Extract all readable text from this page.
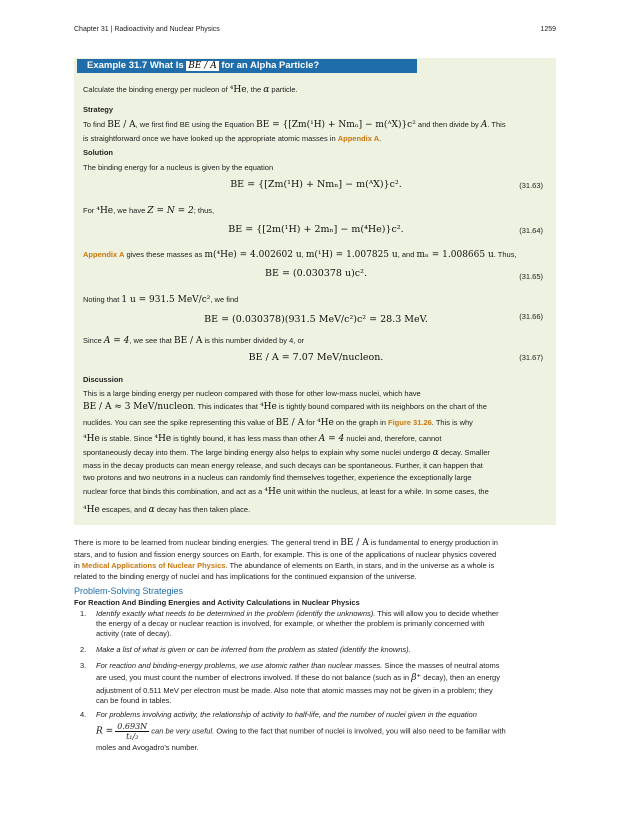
Chapter 31 | Radioactivity and Nuclear Physics	1259
Example 31.7 What Is BE / A for an Alpha Particle?
Calculate the binding energy per nucleon of ⁴He, the α particle.
Strategy
To find BE / A, we first find BE using the Equation BE = {[Zm(¹H) + Nmₙ] − m(ᴬX)}c² and then divide by A. This
is straightforward once we have looked up the appropriate atomic masses in Appendix A.
Solution
The binding energy for a nucleus is given by the equation
BE = {[Zm(¹H) + Nmₙ] − m(ᴬX)}c².	(31.63)
For ⁴He, we have Z = N = 2; thus,
BE = {[2m(¹H) + 2mₙ] − m(⁴He)}c².	(31.64)
Appendix A gives these masses as m(⁴He) = 4.002602 u, m(¹H) = 1.007825 u, and mₙ = 1.008665 u. Thus,
BE = (0.030378 u)c².	(31.65)
Noting that 1 u = 931.5 MeV/c², we find
BE = (0.030378)(931.5 MeV/c²)c² = 28.3 MeV.	(31.66)
Since A = 4, we see that BE / A is this number divided by 4, or
BE / A = 7.07 MeV/nucleon.	(31.67)
Discussion
This is a large binding energy per nucleon compared with those for other low-mass nuclei, which have
BE / A ≈ 3 MeV/nucleon. This indicates that ⁴He is tightly bound compared with its neighbors on the chart of the
nuclides. You can see the spike representing this value of BE / A for ⁴He on the graph in Figure 31.26. This is why
⁴He is stable. Since ⁴He is tightly bound, it has less mass than other A = 4 nuclei and, therefore, cannot
spontaneously decay into them. The large binding energy also helps to explain why some nuclei undergo α decay. Smaller
mass in the decay products can mean energy release, and such decays can be spontaneous. Further, it can happen that
two protons and two neutrons in a nucleus can randomly find themselves together, experience the exceptionally large
nuclear force that binds this combination, and act as a ⁴He unit within the nucleus, at least for a while. In some cases, the
⁴He escapes, and α decay has then taken place.
There is more to be learned from nuclear binding energies. The general trend in BE / A is fundamental to energy production in
stars, and to fusion and fission energy sources on Earth, for example. This is one of the applications of nuclear physics covered
in Medical Applications of Nuclear Physics. The abundance of elements on Earth, in stars, and in the universe as a whole is
related to the binding energy of nuclei and has implications for the continued expansion of the universe.
Problem-Solving Strategies
For Reaction And Binding Energies and Activity Calculations in Nuclear Physics
1. Identify exactly what needs to be determined in the problem (identify the unknowns). This will allow you to decide whether
the energy of a decay or nuclear reaction is involved, for example, or whether the problem is primarily concerned with
activity (rate of decay).
2. Make a list of what is given or can be inferred from the problem as stated (identify the knowns).
3. For reaction and binding-energy problems, we use atomic rather than nuclear masses. Since the masses of neutral atoms
are used, you must count the number of electrons involved. If these do not balance (such as in β⁺ decay), then an energy
adjustment of 0.511 MeV per electron must be made. Also note that atomic masses may not be given in a problem; they
can be found in tables.
4. For problems involving activity, the relationship of activity to half-life, and the number of nuclei given in the equation
$R = \frac{0.693N}{\text{t₁/₂}}$ can be very useful. Owing to the fact that number of nuclei is involved, you will also need to be familiar with
moles and Avogadro’s number.
